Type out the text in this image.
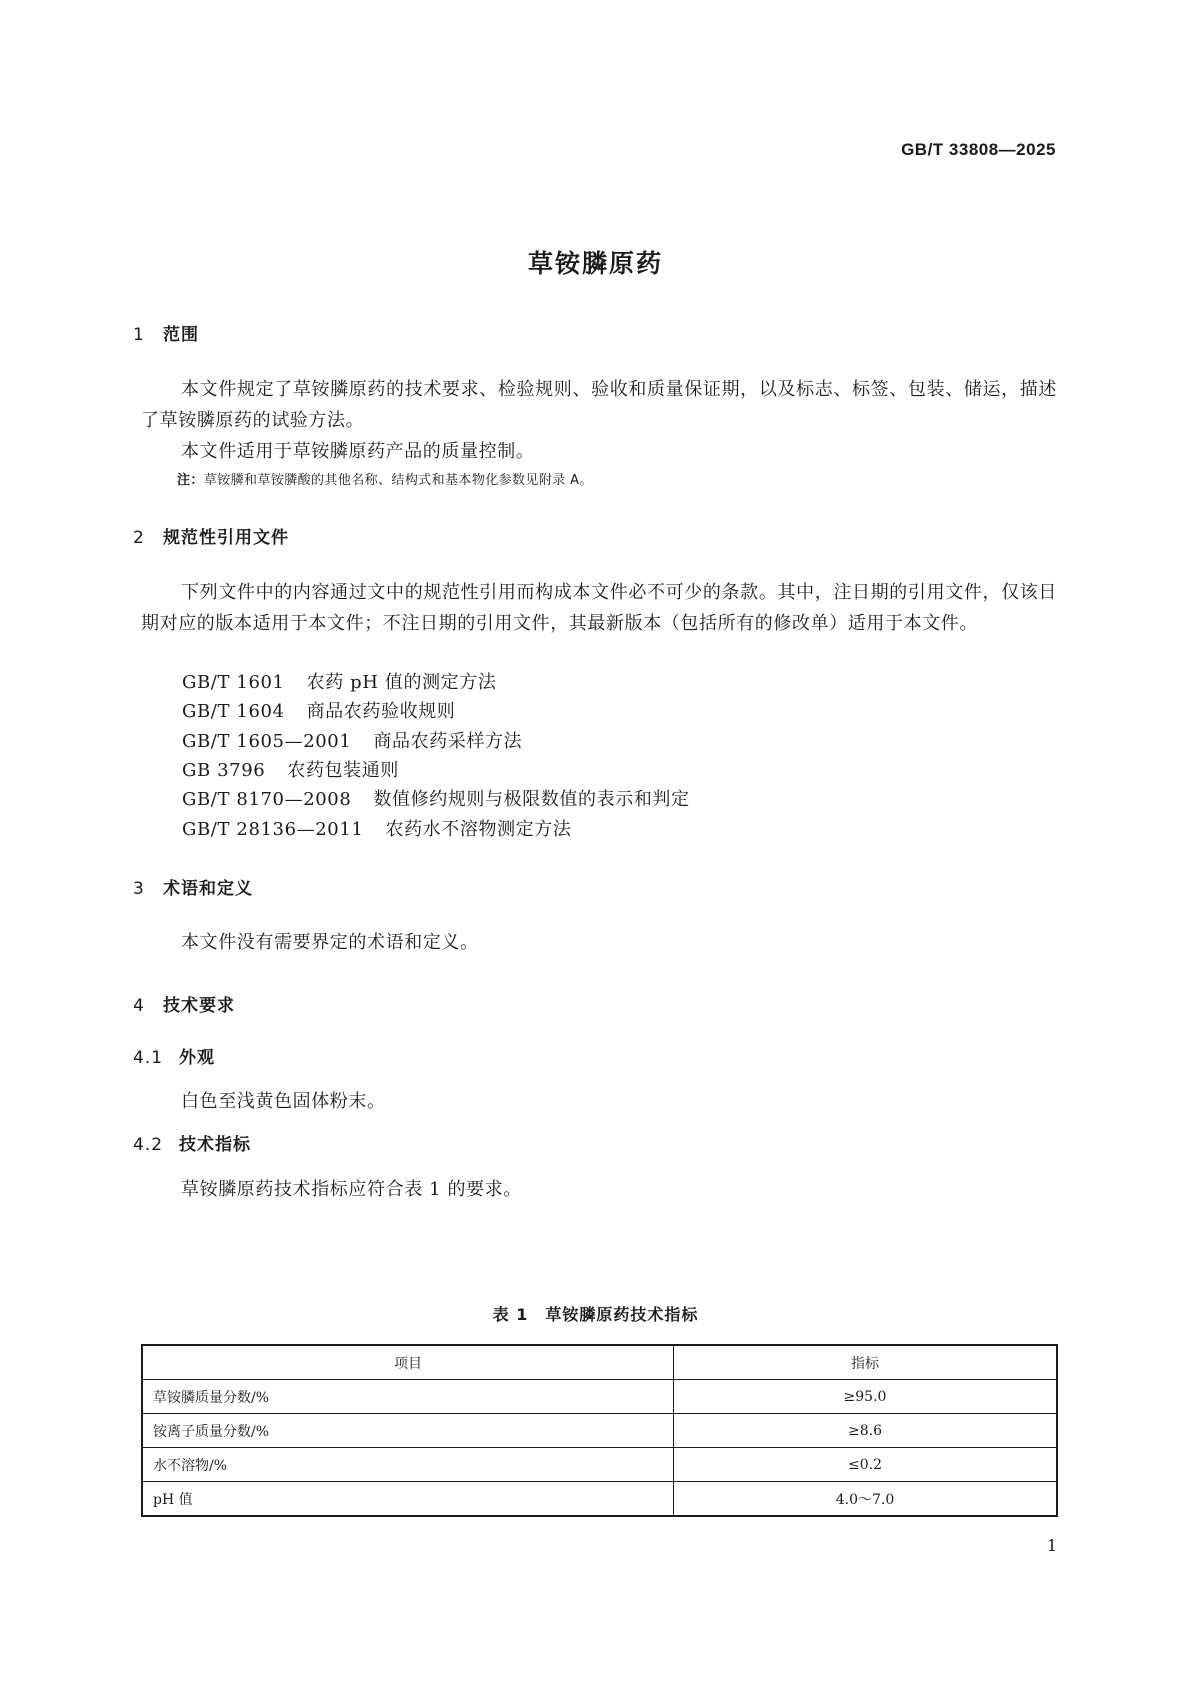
GB/T 33808—2025
草铵膦原药
1 范围
本文件规定了草铵膦原药的技术要求、检验规则、验收和质量保证期，以及标志、标签、包装、储运，描述了草铵膦原药的试验方法。
本文件适用于草铵膦原药产品的质量控制。
注：草铵膦和草铵膦酸的其他名称、结构式和基本物化参数见附录 A。
2 规范性引用文件
下列文件中的内容通过文中的规范性引用而构成本文件必不可少的条款。其中，注日期的引用文件，仅该日期对应的版本适用于本文件；不注日期的引用文件，其最新版本（包括所有的修改单）适用于本文件。
GB/T 1601 农药 pH 值的测定方法
GB/T 1604 商品农药验收规则
GB/T 1605—2001 商品农药采样方法
GB 3796 农药包装通则
GB/T 8170—2008 数值修约规则与极限数值的表示和判定
GB/T 28136—2011 农药水不溶物测定方法
3 术语和定义
本文件没有需要界定的术语和定义。
4 技术要求
4.1 外观
白色至浅黄色固体粉末。
4.2 技术指标
草铵膦原药技术指标应符合表 1 的要求。
表 1　草铵膦原药技术指标
项目	指标
草铵膦质量分数/%	≥95.0
铵离子质量分数/%	≥8.6
水不溶物/%	≤0.2
pH 值	4.0～7.0
1
